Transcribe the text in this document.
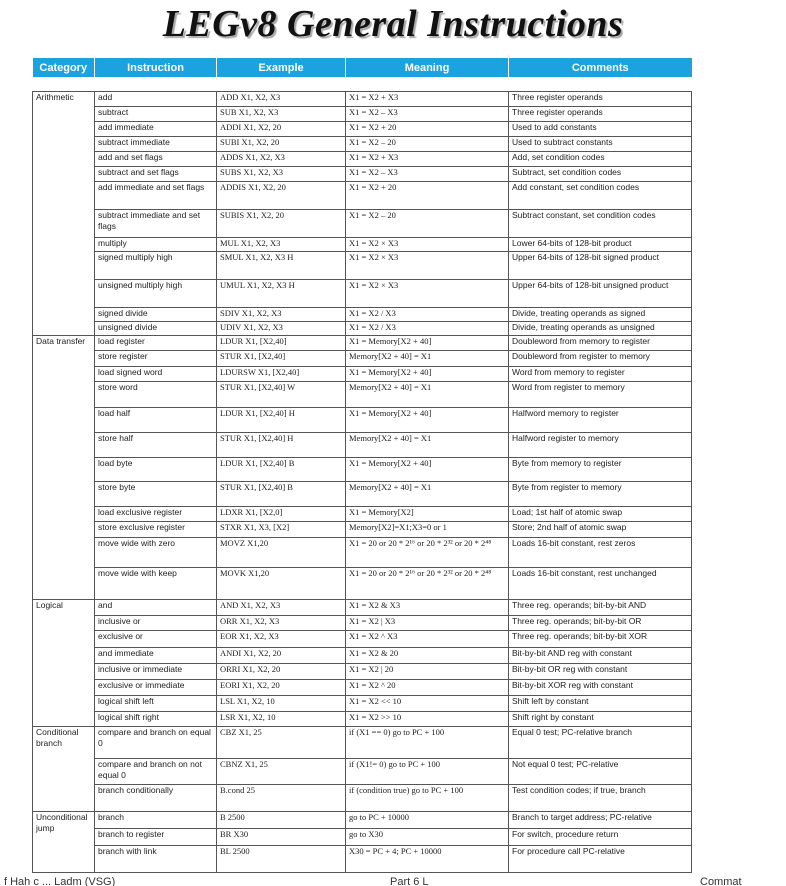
LEGv8 General Instructions
Category	Instruction	Example	Meaning	Comments

Arithmetic	add	ADD X1, X2, X3	X1 = X2 + X3	Three register operands
	subtract	SUB X1, X2, X3	X1 = X2 – X3	Three register operands
	add immediate	ADDI X1, X2, 20	X1 = X2 + 20	Used to add constants
	subtract immediate	SUBI X1, X2, 20	X1 = X2 – 20	Used to subtract constants
	add and set flags	ADDS X1, X2, X3	X1 = X2 + X3	Add, set condition codes
	subtract and set flags	SUBS X1, X2, X3	X1 = X2 – X3	Subtract, set condition codes
	add immediate and set flags	ADDIS X1, X2, 20	X1 = X2 + 20	Add constant, set condition codes
	subtract immediate and set flags	SUBIS X1, X2, 20	X1 = X2 – 20	Subtract constant, set condition codes
	multiply	MUL X1, X2, X3	X1 = X2 × X3	Lower 64-bits of 128-bit product
	signed multiply high	SMUL X1, X2, X3 H	X1 = X2 × X3	Upper 64-bits of 128-bit signed product
	unsigned multiply high	UMUL X1, X2, X3 H	X1 = X2 × X3	Upper 64-bits of 128-bit unsigned product
	signed divide	SDIV X1, X2, X3	X1 = X2 / X3	Divide, treating operands as signed
	unsigned divide	UDIV X1, X2, X3	X1 = X2 / X3	Divide, treating operands as unsigned
Data transfer	load register	LDUR X1, [X2,40]	X1 = Memory[X2 + 40]	Doubleword from memory to register
	store register	STUR X1, [X2,40]	Memory[X2 + 40] = X1	Doubleword from register to memory
	load signed word	LDURSW X1, [X2,40]	X1 = Memory[X2 + 40]	Word from memory to register
	store word	STUR X1, [X2,40] W	Memory[X2 + 40] = X1	Word from register to memory
	load half	LDUR X1, [X2,40] H	X1 = Memory[X2 + 40]	Halfword memory to register
	store half	STUR X1, [X2,40] H	Memory[X2 + 40] = X1	Halfword register to memory
	load byte	LDUR X1, [X2,40] B	X1 = Memory[X2 + 40]	Byte from memory to register
	store byte	STUR X1, [X2,40] B	Memory[X2 + 40] = X1	Byte from register to memory
	load exclusive register	LDXR X1, [X2,0]	X1 = Memory[X2]	Load; 1st half of atomic swap
	store exclusive register	STXR X1, X3, [X2]	Memory[X2]=X1;X3=0 or 1	Store; 2nd half of atomic swap
	move wide with zero	MOVZ X1,20	X1 = 20 or 20 * 2¹⁶ or 20 * 2³² or 20 * 2⁴⁸	Loads 16-bit constant, rest zeros
	move wide with keep	MOVK X1,20	X1 = 20 or 20 * 2¹⁶ or 20 * 2³² or 20 * 2⁴⁸	Loads 16-bit constant, rest unchanged
Logical	and	AND X1, X2, X3	X1 = X2 & X3	Three reg. operands; bit-by-bit AND
	inclusive or	ORR X1, X2, X3	X1 = X2 | X3	Three reg. operands; bit-by-bit OR
	exclusive or	EOR X1, X2, X3	X1 = X2 ^ X3	Three reg. operands; bit-by-bit XOR
	and immediate	ANDI X1, X2, 20	X1 = X2 & 20	Bit-by-bit AND reg with constant
	inclusive or immediate	ORRI X1, X2, 20	X1 = X2 | 20	Bit-by-bit OR reg with constant
	exclusive or immediate	EORI X1, X2, 20	X1 = X2 ^ 20	Bit-by-bit XOR reg with constant
	logical shift left	LSL X1, X2, 10	X1 = X2 << 10	Shift left by constant
	logical shift right	LSR X1, X2, 10	X1 = X2 >> 10	Shift right by constant
Conditional branch	compare and branch on equal 0	CBZ X1, 25	if (X1 == 0) go to PC + 100	Equal 0 test; PC-relative branch
	compare and branch on not equal 0	CBNZ X1, 25	if (X1!= 0) go to PC + 100	Not equal 0 test; PC-relative
	branch conditionally	B.cond 25	if (condition true) go to PC + 100	Test condition codes; if true, branch
Unconditional jump	branch	B 2500	go to PC + 10000	Branch to target address; PC-relative
	branch to register	BR X30	go to X30	For switch, procedure return
	branch with link	BL 2500	X30 = PC + 4; PC + 10000	For procedure call PC-relative
f Hah c ... Ladm (VSG)	Part 6 L	Commat
